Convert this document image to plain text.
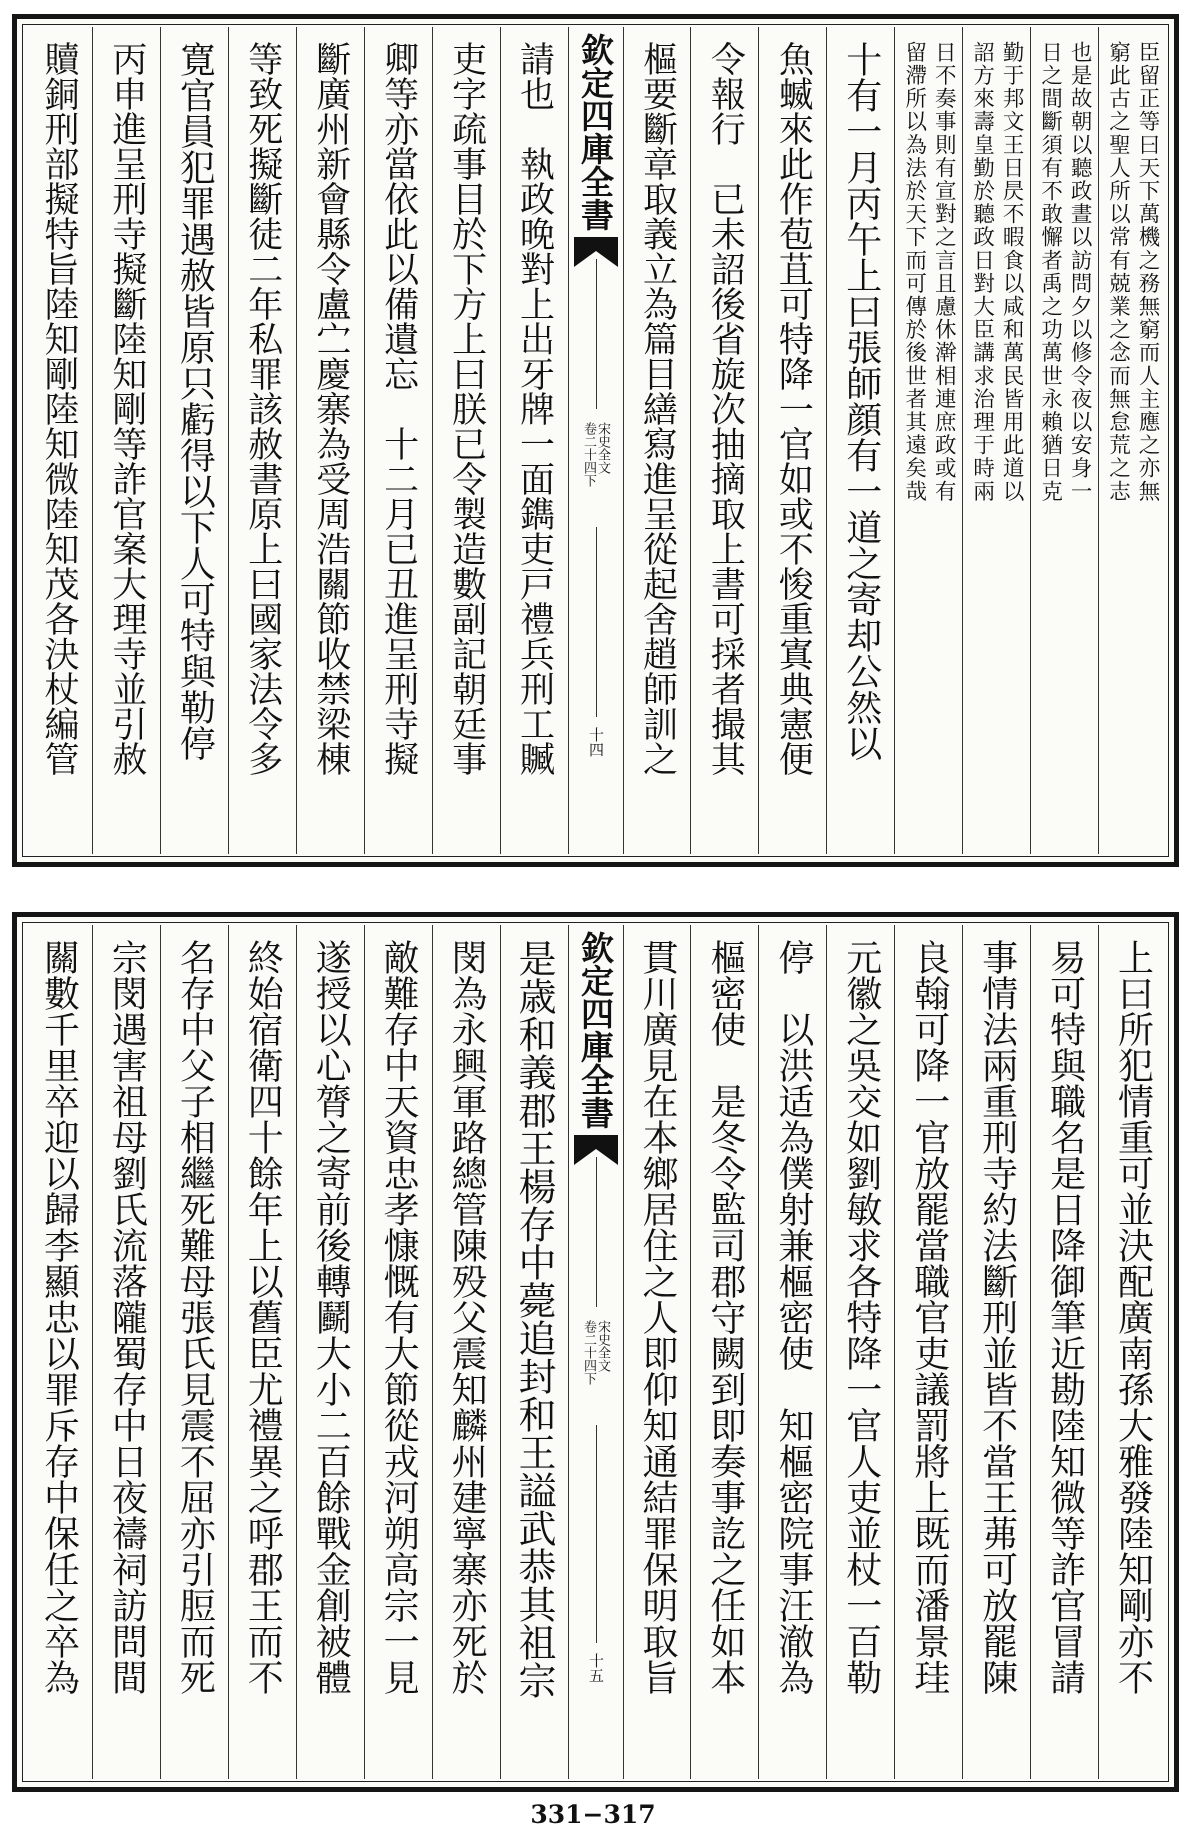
臣留正等曰天下萬機之務無窮而人主應之亦無
窮此古之聖人所以常有兢業之念而無怠荒之志
也是故朝以聽政晝以訪問夕以修令夜以安身一
日之間斷須有不敢懈者禹之功萬世永賴猶日克
勤于邦文王日昃不暇食以咸和萬民皆用此道以
詔方來壽皇勤於聽政日對大臣講求治理于時兩
日不奏事則有宣對之言且慮休澣相連庶政或有
留滯所以為法於天下而可傳於後世者其遠矣哉
十有一月丙午上曰張師顔有一道之寄却公然以
魚蝛來此作苞苴可特降一官如或不悛重寘典憲便
令報行　已未詔後省旋次抽摘取上書可採者撮其
樞要斷章取義立為篇目繕寫進呈從起舍趙師訓之
欽定四庫全書
宋史全文
卷二十四下
十四
請也　執政晚對上出牙牌一面鐫吏戸禮兵刑工贓
吏字疏事目於下方上曰朕已令製造數副記朝廷事
卿等亦當依此以備遺忘　十二月已丑進呈刑寺擬
斷廣州新會縣令盧㝉慶寨為受周浩關節收禁梁棟
等致死擬斷徒二年私罪該赦書原上曰國家法令多
寛官員犯罪遇赦皆原只虧得以下人可特與勒停
丙申進呈刑寺擬斷陸知剛等詐官案大理寺並引赦
贖銅刑部擬特旨陸知剛陸知微陸知茂各決杖編管
上曰所犯情重可並決配廣南孫大雅發陸知剛亦不
易可特與職名是日降御筆近勘陸知微等詐官冒請
事情法兩重刑寺約法斷刑並皆不當王茀可放罷陳
良翰可降一官放罷當職官吏議罰將上既而潘景珪
元徽之吳交如劉敏求各特降一官人吏並杖一百勒
停　以洪适為僕射兼樞密使　知樞密院事汪澈為
樞密使　是冬令監司郡守闕到即奏事訖之任如本
貫川廣見在本鄉居住之人即仰知通結罪保明取旨
欽定四庫全書
宋史全文
卷二十四下
十五
是歳和義郡王楊存中薨追封和王謚武恭其祖宗
閔為永興軍路總管陳殁父震知麟州建寧寨亦死於
敵難存中天資忠孝慷慨有大節從戎河朔高宗一見
遂授以心膂之寄前後轉鬬大小二百餘戰金創被體
終始宿衛四十餘年上以舊臣尤禮異之呼郡王而不
名存中父子相繼死難母張氏見震不屈亦引脰而死
宗閔遇害祖母劉氏流落隴蜀存中日夜禱祠訪問間
關數千里卒迎以歸李顯忠以罪斥存中保任之卒為
331−317
